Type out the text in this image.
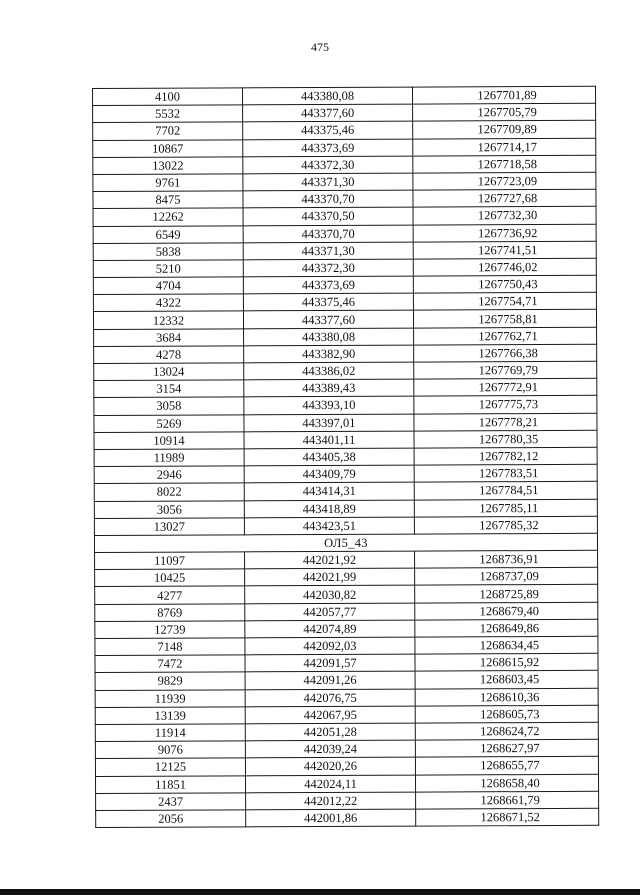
475
4100	443380,08	1267701,89
5532	443377,60	1267705,79
7702	443375,46	1267709,89
10867	443373,69	1267714,17
13022	443372,30	1267718,58
9761	443371,30	1267723,09
8475	443370,70	1267727,68
12262	443370,50	1267732,30
6549	443370,70	1267736,92
5838	443371,30	1267741,51
5210	443372,30	1267746,02
4704	443373,69	1267750,43
4322	443375,46	1267754,71
12332	443377,60	1267758,81
3684	443380,08	1267762,71
4278	443382,90	1267766,38
13024	443386,02	1267769,79
3154	443389,43	1267772,91
3058	443393,10	1267775,73
5269	443397,01	1267778,21
10914	443401,11	1267780,35
11989	443405,38	1267782,12
2946	443409,79	1267783,51
8022	443414,31	1267784,51
3056	443418,89	1267785,11
13027	443423,51	1267785,32
ОЛ5_43		
11097	442021,92	1268736,91
10425	442021,99	1268737,09
4277	442030,82	1268725,89
8769	442057,77	1268679,40
12739	442074,89	1268649,86
7148	442092,03	1268634,45
7472	442091,57	1268615,92
9829	442091,26	1268603,45
11939	442076,75	1268610,36
13139	442067,95	1268605,73
11914	442051,28	1268624,72
9076	442039,24	1268627,97
12125	442020,26	1268655,77
11851	442024,11	1268658,40
2437	442012,22	1268661,79
2056	442001,86	1268671,52
